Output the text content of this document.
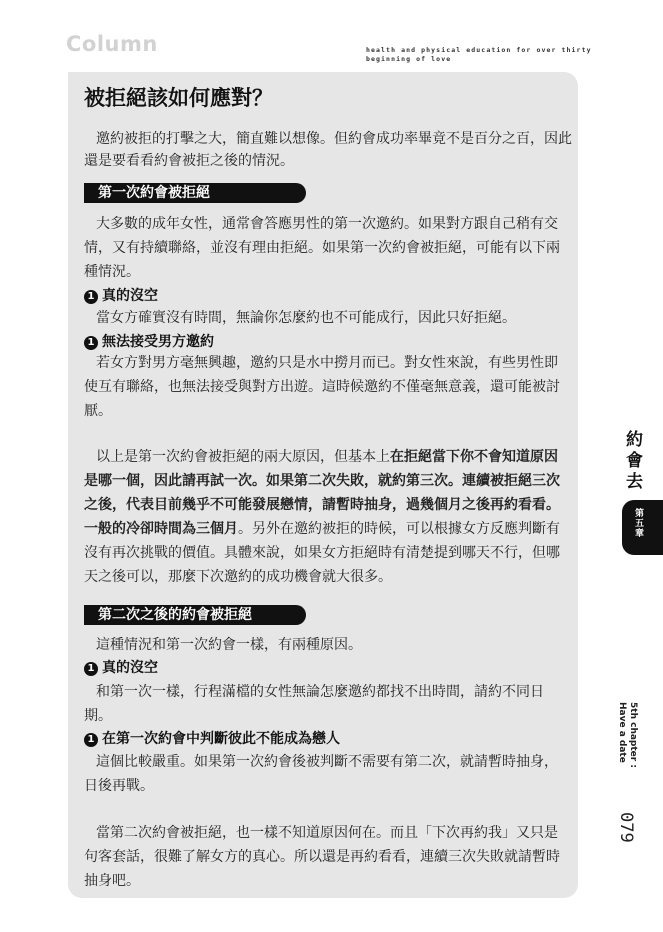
Column	health and physical education for over thirty
beginning of love
被拒絕該如何應對？
邀約被拒的打擊之大，簡直難以想像。但約會成功率畢竟不是百分之百，因此
還是要看看約會被拒之後的情況。
第一次約會被拒絕
大多數的成年女性，通常會答應男性的第一次邀約。如果對方跟自己稍有交
情，又有持續聯絡，並沒有理由拒絕。如果第一次約會被拒絕，可能有以下兩
種情況。
1 真的沒空
當女方確實沒有時間，無論你怎麼約也不可能成行，因此只好拒絕。
1 無法接受男方邀約
若女方對男方毫無興趣，邀約只是水中撈月而已。對女性來說，有些男性即
使互有聯絡，也無法接受與對方出遊。這時候邀約不僅毫無意義，還可能被討
厭。
以上是第一次約會被拒絕的兩大原因，但基本上在拒絕當下你不會知道原因
是哪一個，因此請再試一次。如果第二次失敗，就約第三次。連續被拒絕三次
之後，代表目前幾乎不可能發展戀情，請暫時抽身，過幾個月之後再約看看。
一般的冷卻時間為三個月。另外在邀約被拒的時候，可以根據女方反應判斷有
沒有再次挑戰的價值。具體來說，如果女方拒絕時有清楚提到哪天不行，但哪
天之後可以，那麼下次邀約的成功機會就大很多。
第二次之後的約會被拒絕
這種情況和第一次約會一樣，有兩種原因。
1 真的沒空
和第一次一樣，行程滿檔的女性無論怎麼邀約都找不出時間，請約不同日
期。
1 在第一次約會中判斷彼此不能成為戀人
這個比較嚴重。如果第一次約會後被判斷不需要有第二次，就請暫時抽身，
日後再戰。
當第二次約會被拒絕，也一樣不知道原因何在。而且「下次再約我」又只是
句客套話，很難了解女方的真心。所以還是再約看看，連續三次失敗就請暫時
抽身吧。
約會去
第五章
5th chapter :
Have a date
079
